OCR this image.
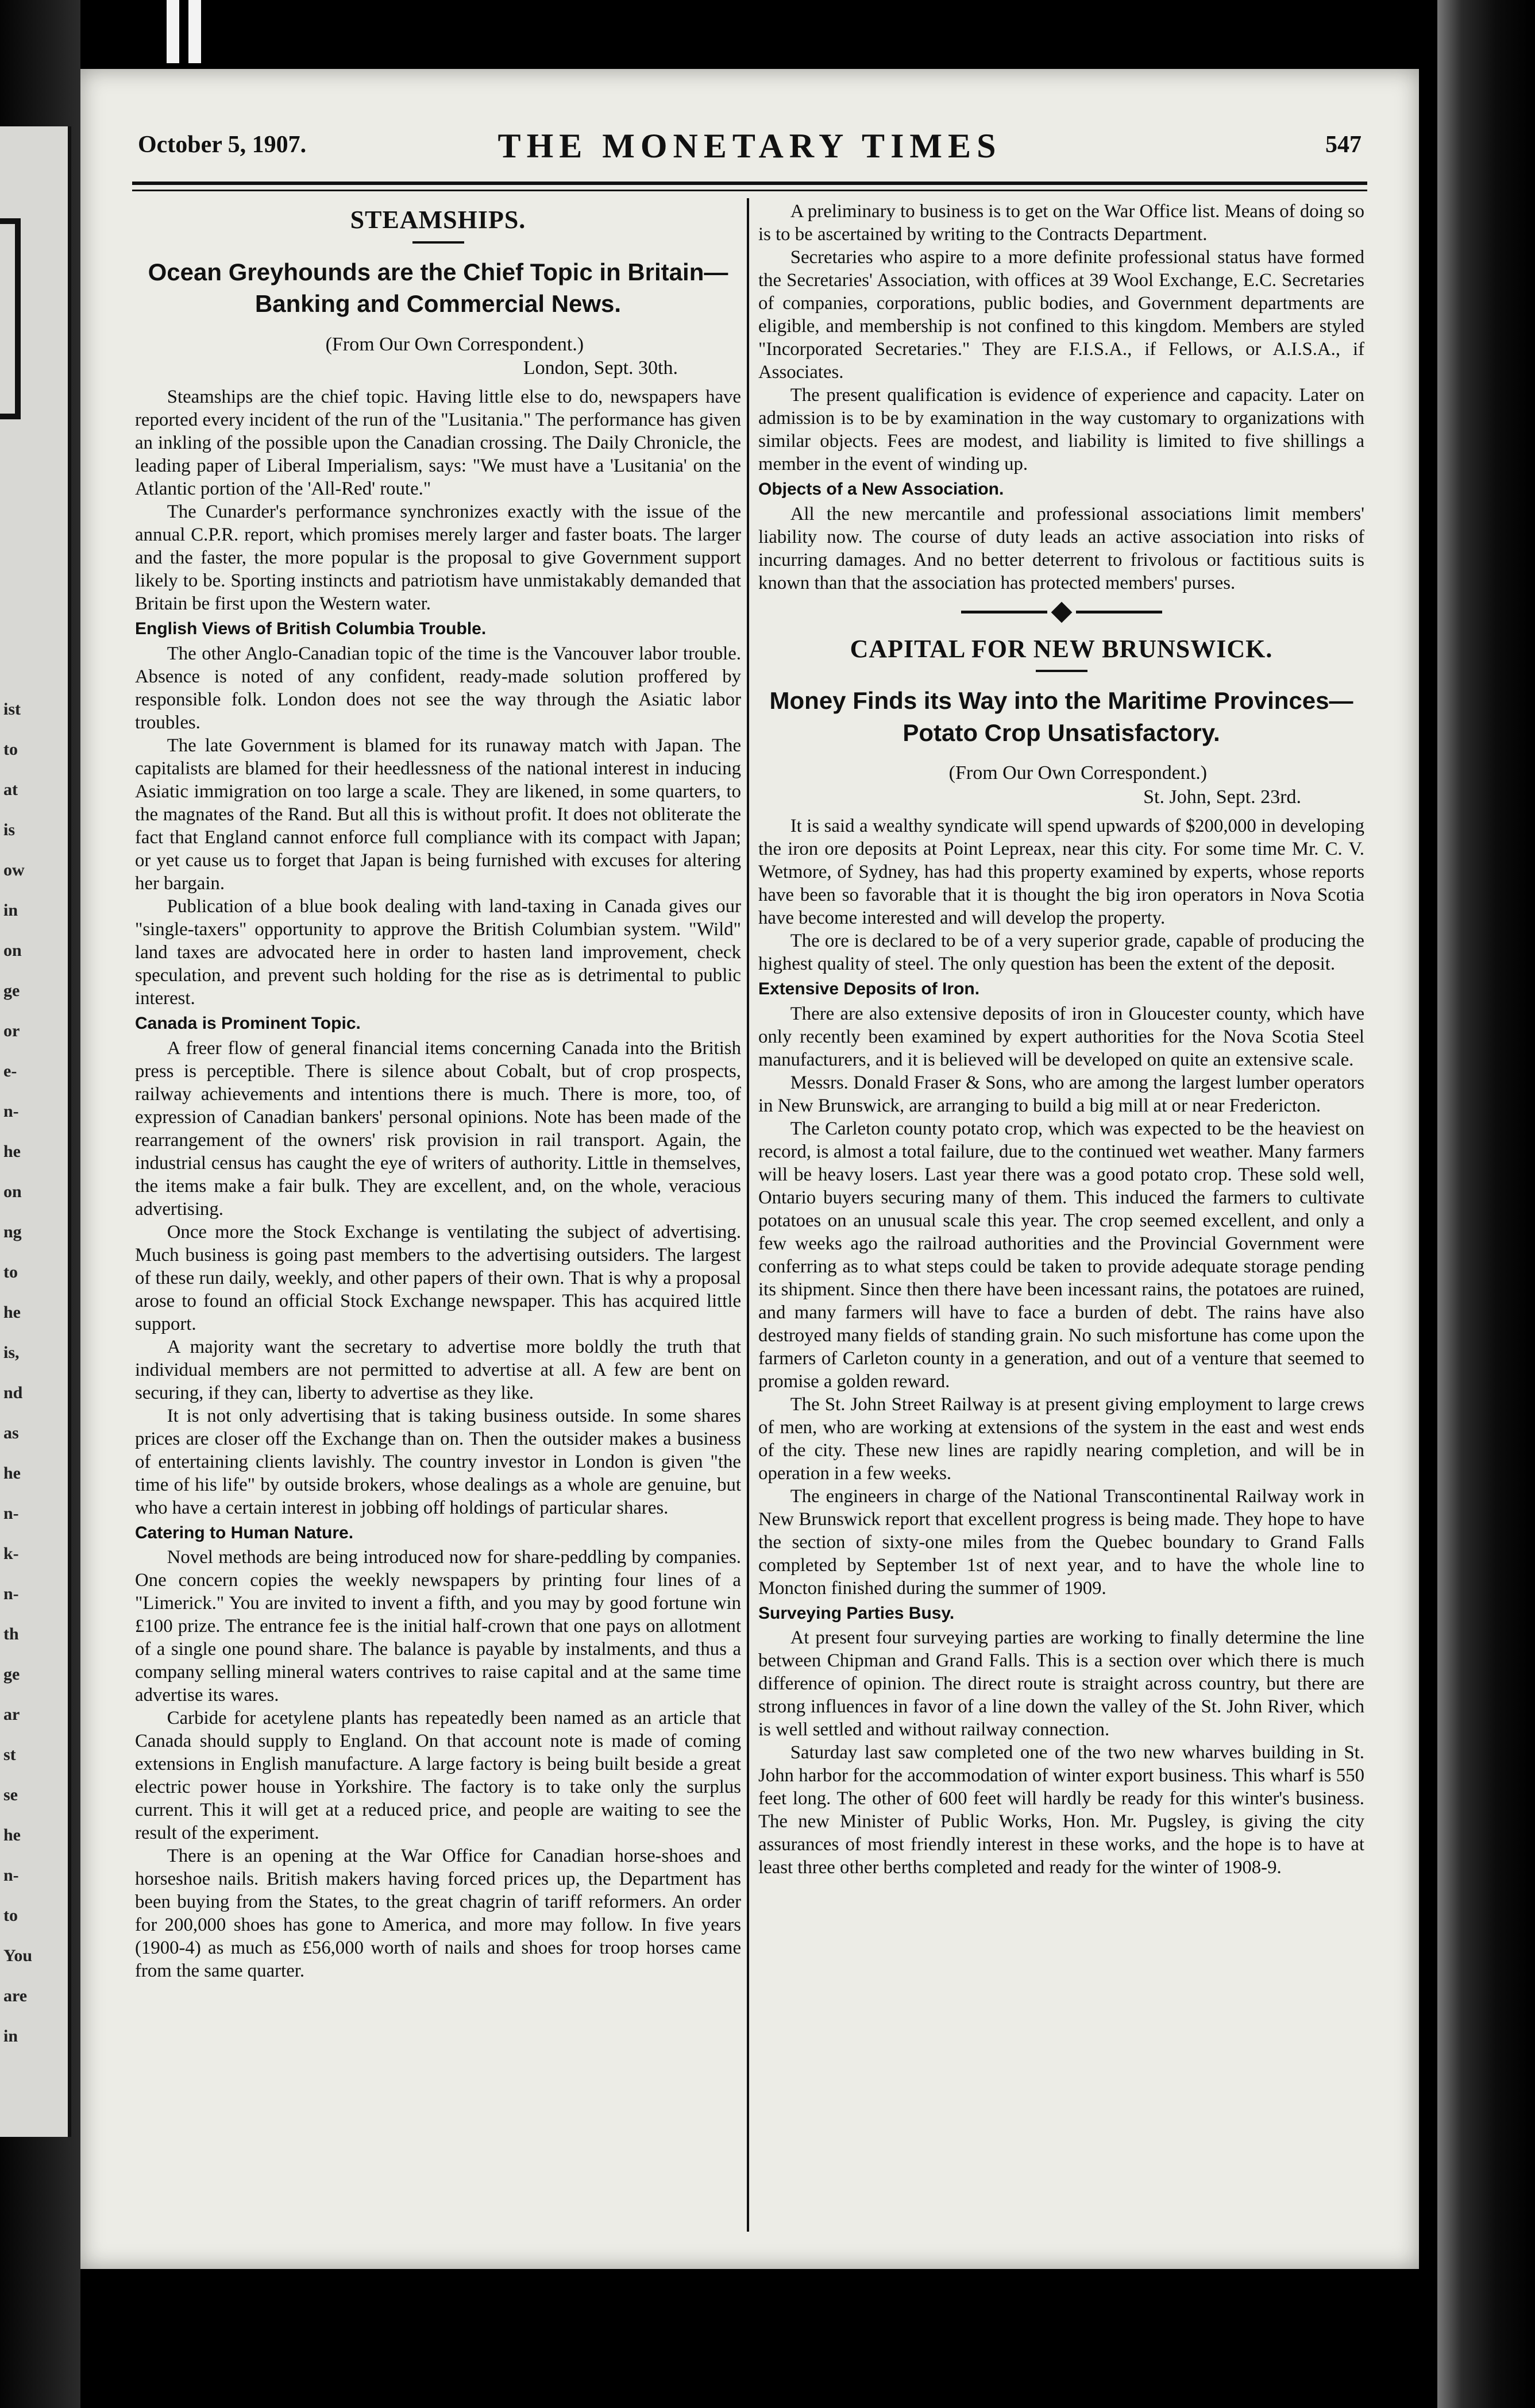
ist
to
at
is
ow
in
on
ge
or
e-
n-
he
on
ng
to
he
is,
nd
as
he
n-
k-
n-
th
ge
ar
st
se
he
n-
to
You
are
in
October 5, 1907.	THE MONETARY TIMES	547
STEAMSHIPS.
Ocean Greyhounds are the Chief Topic in Britain— Banking and Commercial News.

(From Our Own Correspondent.)

London, Sept. 30th.

Steamships are the chief topic. Having little else to do, newspapers have reported every incident of the run of the "Lusitania." The performance has given an inkling of the possible upon the Canadian crossing. The Daily Chronicle, the leading paper of Liberal Imperialism, says: "We must have a 'Lusitania' on the Atlantic portion of the 'All-Red' route."

The Cunarder's performance synchronizes exactly with the issue of the annual C.P.R. report, which promises merely larger and faster boats. The larger and the faster, the more popular is the proposal to give Government support likely to be. Sporting instincts and patriotism have unmistakably demanded that Britain be first upon the Western water.

English Views of British Columbia Trouble.

The other Anglo-Canadian topic of the time is the Vancouver labor trouble. Absence is noted of any confident, ready-made solution proffered by responsible folk. London does not see the way through the Asiatic labor troubles.

The late Government is blamed for its runaway match with Japan. The capitalists are blamed for their heedlessness of the national interest in inducing Asiatic immigration on too large a scale. They are likened, in some quarters, to the magnates of the Rand. But all this is without profit. It does not obliterate the fact that England cannot enforce full compliance with its compact with Japan; or yet cause us to forget that Japan is being furnished with excuses for altering her bargain.

Publication of a blue book dealing with land-taxing in Canada gives our "single-taxers" opportunity to approve the British Columbian system. "Wild" land taxes are advocated here in order to hasten land improvement, check speculation, and prevent such holding for the rise as is detrimental to public interest.

Canada is Prominent Topic.

A freer flow of general financial items concerning Canada into the British press is perceptible. There is silence about Cobalt, but of crop prospects, railway achievements and intentions there is much. There is more, too, of expression of Canadian bankers' personal opinions. Note has been made of the rearrangement of the owners' risk provision in rail transport. Again, the industrial census has caught the eye of writers of authority. Little in themselves, the items make a fair bulk. They are excellent, and, on the whole, veracious advertising.

Once more the Stock Exchange is ventilating the subject of advertising. Much business is going past members to the advertising outsiders. The largest of these run daily, weekly, and other papers of their own. That is why a proposal arose to found an official Stock Exchange newspaper. This has acquired little support.

A majority want the secretary to advertise more boldly the truth that individual members are not permitted to advertise at all. A few are bent on securing, if they can, liberty to advertise as they like.

It is not only advertising that is taking business outside. In some shares prices are closer off the Exchange than on. Then the outsider makes a business of entertaining clients lavishly. The country investor in London is given "the time of his life" by outside brokers, whose dealings as a whole are genuine, but who have a certain interest in jobbing off holdings of particular shares.

Catering to Human Nature.

Novel methods are being introduced now for share-peddling by companies. One concern copies the weekly newspapers by printing four lines of a "Limerick." You are invited to invent a fifth, and you may by good fortune win £100 prize. The entrance fee is the initial half-crown that one pays on allotment of a single one pound share. The balance is payable by instalments, and thus a company selling mineral waters contrives to raise capital and at the same time advertise its wares.

Carbide for acetylene plants has repeatedly been named as an article that Canada should supply to England. On that account note is made of coming extensions in English manufacture. A large factory is being built beside a great electric power house in Yorkshire. The factory is to take only the surplus current. This it will get at a reduced price, and people are waiting to see the result of the experiment.

There is an opening at the War Office for Canadian horse-shoes and horseshoe nails. British makers having forced prices up, the Department has been buying from the States, to the great chagrin of tariff reformers. An order for 200,000 shoes has gone to America, and more may follow. In five years (1900-4) as much as £56,000 worth of nails and shoes for troop horses came from the same quarter.

A preliminary to business is to get on the War Office list. Means of doing so is to be ascertained by writing to the Contracts Department.

Secretaries who aspire to a more definite professional status have formed the Secretaries' Association, with offices at 39 Wool Exchange, E.C. Secretaries of companies, corporations, public bodies, and Government departments are eligible, and membership is not confined to this kingdom. Members are styled "Incorporated Secretaries." They are F.I.S.A., if Fellows, or A.I.S.A., if Associates.

The present qualification is evidence of experience and capacity. Later on admission is to be by examination in the way customary to organizations with similar objects. Fees are modest, and liability is limited to five shillings a member in the event of winding up.

Objects of a New Association.

All the new mercantile and professional associations limit members' liability now. The course of duty leads an active association into risks of incurring damages. And no better deterrent to frivolous or factitious suits is known than that the association has protected members' purses.

CAPITAL FOR NEW BRUNSWICK.
Money Finds its Way into the Maritime Provinces— Potato Crop Unsatisfactory.

(From Our Own Correspondent.)

St. John, Sept. 23rd.

It is said a wealthy syndicate will spend upwards of $200,000 in developing the iron ore deposits at Point Lepreax, near this city. For some time Mr. C. V. Wetmore, of Sydney, has had this property examined by experts, whose reports have been so favorable that it is thought the big iron operators in Nova Scotia have become interested and will develop the property.

The ore is declared to be of a very superior grade, capable of producing the highest quality of steel. The only question has been the extent of the deposit.

Extensive Deposits of Iron.

There are also extensive deposits of iron in Gloucester county, which have only recently been examined by expert authorities for the Nova Scotia Steel manufacturers, and it is believed will be developed on quite an extensive scale.

Messrs. Donald Fraser & Sons, who are among the largest lumber operators in New Brunswick, are arranging to build a big mill at or near Fredericton.

The Carleton county potato crop, which was expected to be the heaviest on record, is almost a total failure, due to the continued wet weather. Many farmers will be heavy losers. Last year there was a good potato crop. These sold well, Ontario buyers securing many of them. This induced the farmers to cultivate potatoes on an unusual scale this year. The crop seemed excellent, and only a few weeks ago the railroad authorities and the Provincial Government were conferring as to what steps could be taken to provide adequate storage pending its shipment. Since then there have been incessant rains, the potatoes are ruined, and many farmers will have to face a burden of debt. The rains have also destroyed many fields of standing grain. No such misfortune has come upon the farmers of Carleton county in a generation, and out of a venture that seemed to promise a golden reward.

The St. John Street Railway is at present giving employment to large crews of men, who are working at extensions of the system in the east and west ends of the city. These new lines are rapidly nearing completion, and will be in operation in a few weeks.

The engineers in charge of the National Transcontinental Railway work in New Brunswick report that excellent progress is being made. They hope to have the section of sixty-one miles from the Quebec boundary to Grand Falls completed by September 1st of next year, and to have the whole line to Moncton finished during the summer of 1909.

Surveying Parties Busy.

At present four surveying parties are working to finally determine the line between Chipman and Grand Falls. This is a section over which there is much difference of opinion. The direct route is straight across country, but there are strong influences in favor of a line down the valley of the St. John River, which is well settled and without railway connection.

Saturday last saw completed one of the two new wharves building in St. John harbor for the accommodation of winter export business. This wharf is 550 feet long. The other of 600 feet will hardly be ready for this winter's business. The new Minister of Public Works, Hon. Mr. Pugsley, is giving the city assurances of most friendly interest in these works, and the hope is to have at least three other berths completed and ready for the winter of 1908-9.
